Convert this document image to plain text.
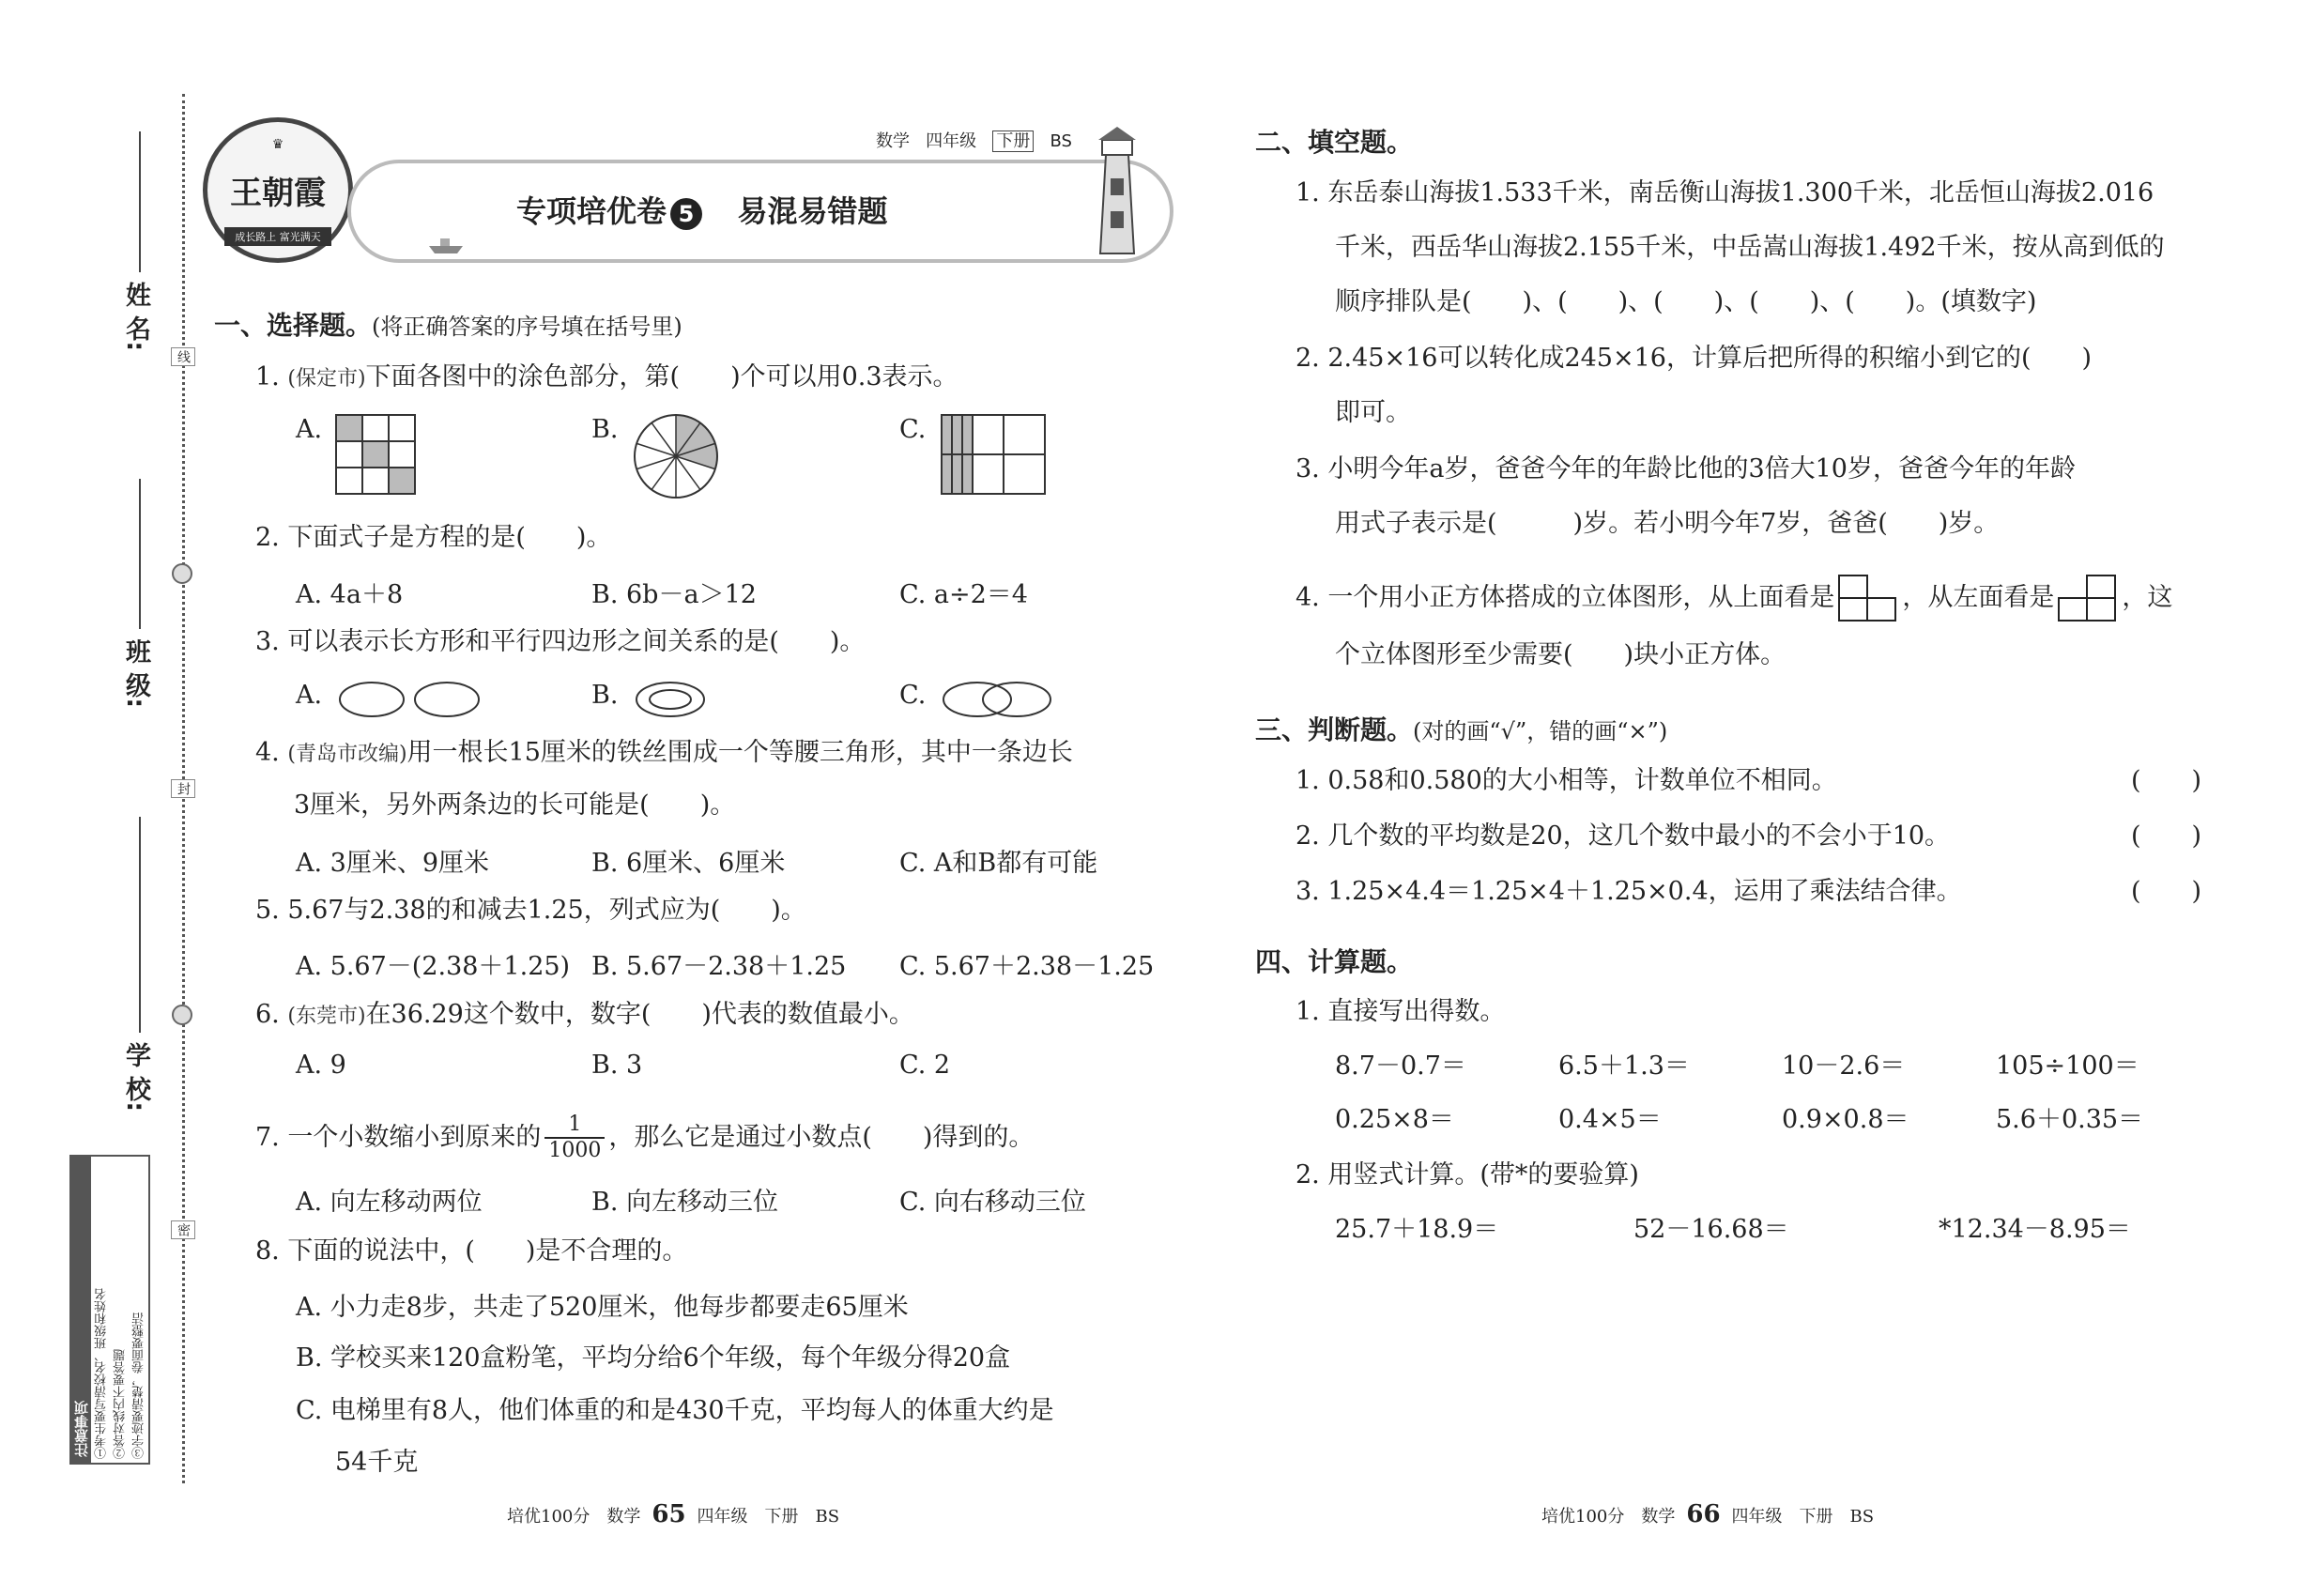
姓 名:
班 级:
学 校:
线
封
密
注意事项 ①考生要写清校名、班级和姓名 ②答对线内不要答题 ③字迹要清楚，卷面要整洁
♛
王朝霞
成长路上 富光满天
数学 四年级 下册 BS
专项培优卷 5 易混易错题
一、选择题。(将正确答案的序号填在括号里)
1. (保定市)下面各图中的涂色部分，第(　　)个可以用0.3表示。
A.	B.	C.
2. 下面式子是方程的是(　　)。
A. 4a＋8	B. 6b－a＞12	C. a÷2＝4
3. 可以表示长方形和平行四边形之间关系的是(　　)。
A.	B.	C.
4. (青岛市改编)用一根长15厘米的铁丝围成一个等腰三角形，其中一条边长
3厘米，另外两条边的长可能是(　　)。
A. 3厘米、9厘米	B. 6厘米、6厘米	C. A和B都有可能
5. 5.67与2.38的和减去1.25，列式应为(　　)。
A. 5.67－(2.38＋1.25) B. 5.67－2.38＋1.25 C. 5.67＋2.38－1.25
6. (东莞市)在36.29这个数中，数字(　　)代表的数值最小。
A. 9	B. 3	C. 2
7. 一个小数缩小到原来的 $\frac{1}{1000}$ ，那么它是通过小数点(　　)得到的。
A. 向左移动两位	B. 向左移动三位	C. 向右移动三位
8. 下面的说法中，(　　)是不合理的。
A. 小力走8步，共走了520厘米，他每步都要走65厘米
B. 学校买来120盒粉笔，平均分给6个年级，每个年级分得20盒
C. 电梯里有8人，他们体重的和是430千克，平均每人的体重大约是
54千克
二、填空题。
1. 东岳泰山海拔1.533千米，南岳衡山海拔1.300千米，北岳恒山海拔2.016
千米，西岳华山海拔2.155千米，中岳嵩山海拔1.492千米，按从高到低的
顺序排队是(　　)、(　　)、(　　)、(　　)、(　　)。(填数字)
2. 2.45×16可以转化成245×16，计算后把所得的积缩小到它的(　　)
即可。
3. 小明今年a岁，爸爸今年的年龄比他的3倍大10岁，爸爸今年的年龄
用式子表示是(　　　)岁。若小明今年7岁，爸爸(　　)岁。
4. 一个用小正方体搭成的立体图形，从上面看是	，从左面看是	，这
个立体图形至少需要(　　)块小正方体。
三、判断题。(对的画“√”，错的画“×”)
1. 0.58和0.580的大小相等，计数单位不相同。	(　　)
2. 几个数的平均数是20，这几个数中最小的不会小于10。	(　　)
3. 1.25×4.4＝1.25×4＋1.25×0.4，运用了乘法结合律。	(　　)
四、计算题。
1. 直接写出得数。
8.7－0.7＝	6.5＋1.3＝	10－2.6＝	105÷100＝
0.25×8＝	0.4×5＝	0.9×0.8＝	5.6＋0.35＝
2. 用竖式计算。(带*的要验算)
25.7＋18.9＝	52－16.68＝	*12.34－8.95＝
培优100分　数学 65 四年级　下册　BS	培优100分　数学 66 四年级　下册　BS
